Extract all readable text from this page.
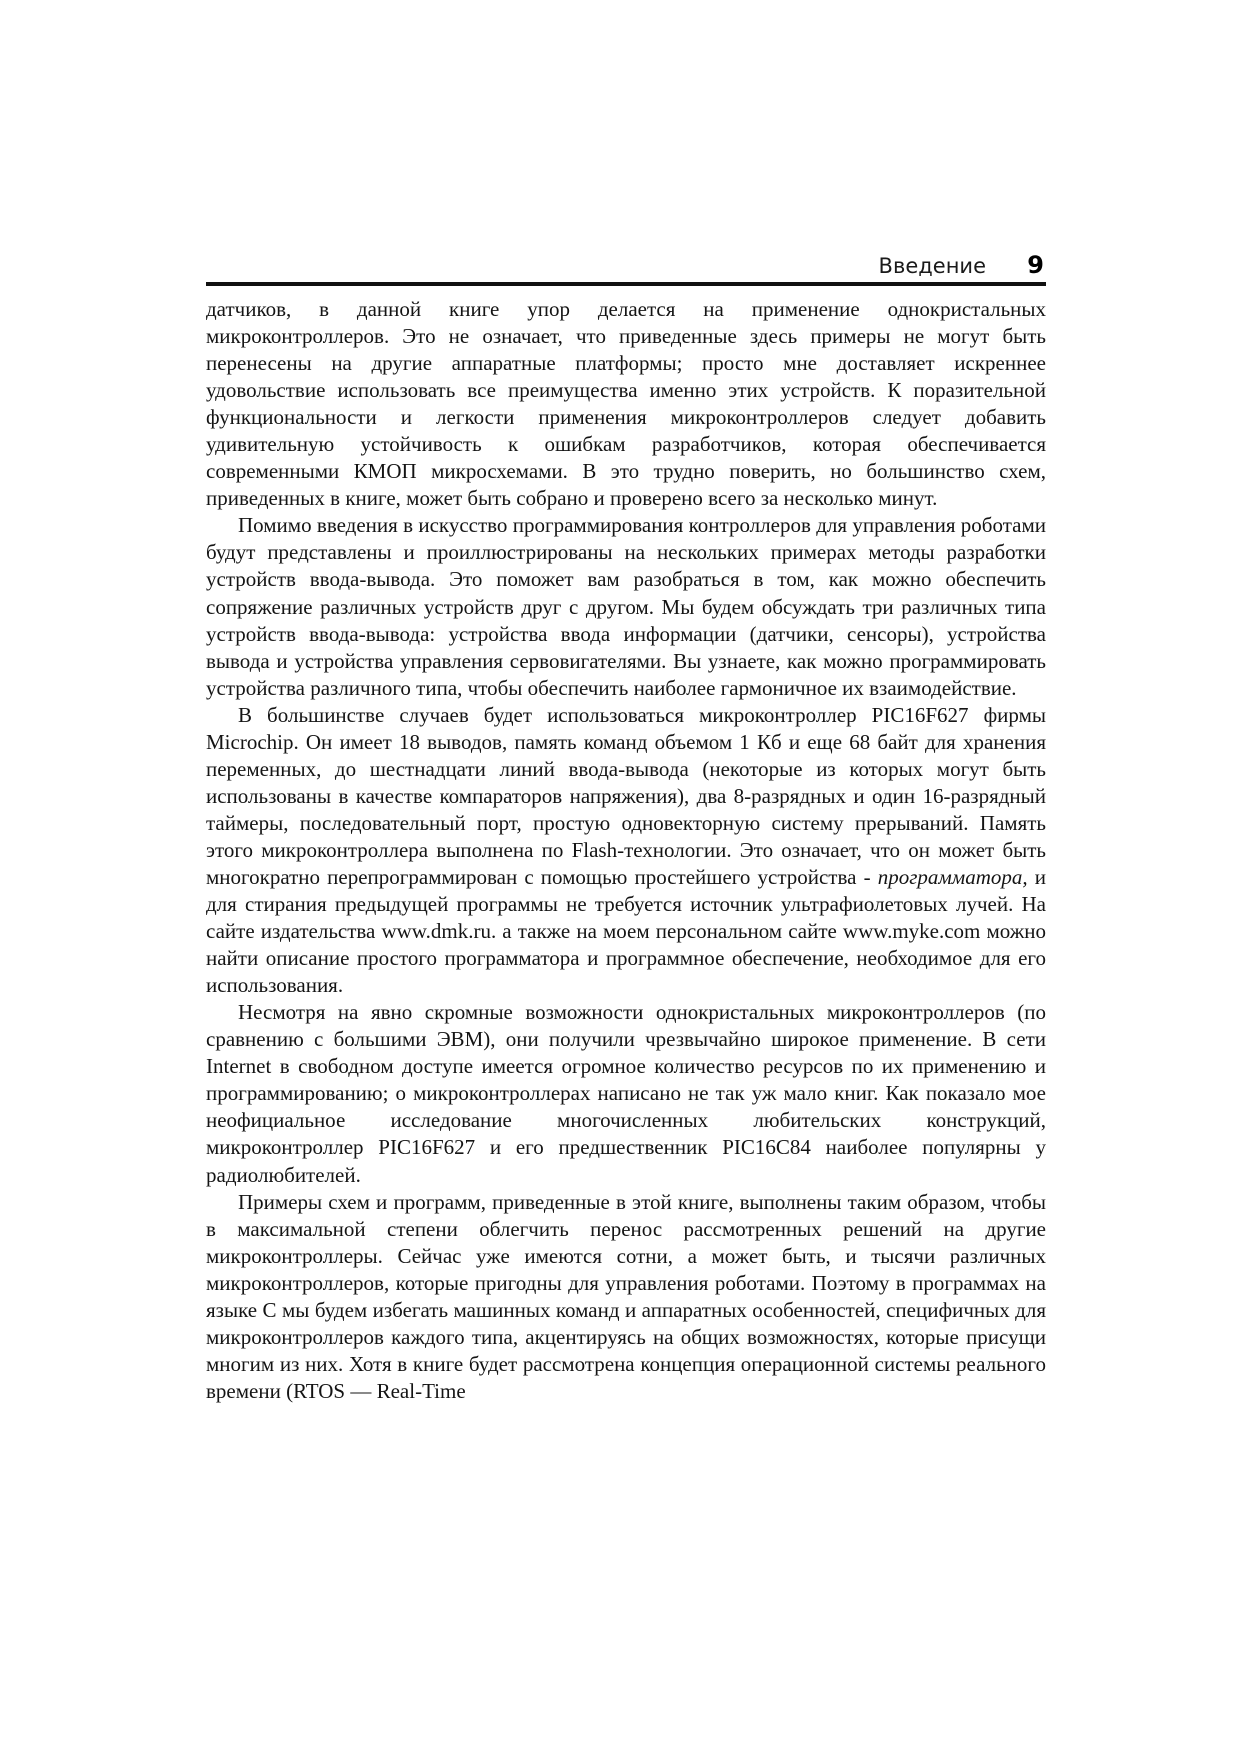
Введение 9

датчиков, в данной книге упор делается на применение однокристальных микроконтроллеров. Это не означает, что приведенные здесь примеры не могут быть перенесены на другие аппаратные платформы; просто мне доставляет искреннее удовольствие использовать все преимущества именно этих устройств. К поразительной функциональности и легкости применения микроконтроллеров следует добавить удивительную устойчивость к ошибкам разработчиков, которая обеспечивается современными КМОП микросхемами. В это трудно поверить, но большинство схем, приведенных в книге, может быть собрано и проверено всего за несколько минут.

Помимо введения в искусство программирования контроллеров для управления роботами будут представлены и проиллюстрированы на нескольких примерах методы разработки устройств ввода-вывода. Это поможет вам разобраться в том, как можно обеспечить сопряжение различных устройств друг с другом. Мы будем обсуждать три различных типа устройств ввода-вывода: устройства ввода информации (датчики, сенсоры), устройства вывода и устройства управления сервовигателями. Вы узнаете, как можно программировать устройства различного типа, чтобы обеспечить наиболее гармоничное их взаимодействие.

В большинстве случаев будет использоваться микроконтроллер PIC16F627 фирмы Microchip. Он имеет 18 выводов, память команд объемом 1 Кб и еще 68 байт для хранения переменных, до шестнадцати линий ввода-вывода (некоторые из которых могут быть использованы в качестве компараторов напряжения), два 8-разрядных и один 16-разрядный таймеры, последовательный порт, простую одновекторную систему прерываний. Память этого микроконтроллера выполнена по Flash-технологии. Это означает, что он может быть многократно перепрограммирован с помощью простейшего устройства - программатора, и для стирания предыдущей программы не требуется источник ультрафиолетовых лучей. На сайте издательства www.dmk.ru. а также на моем персональном сайте www.myke.com можно найти описание простого программатора и программное обеспечение, необходимое для его использования.

Несмотря на явно скромные возможности однокристальных микроконтроллеров (по сравнению с большими ЭВМ), они получили чрезвычайно широкое применение. В сети Internet в свободном доступе имеется огромное количество ресурсов по их применению и программированию; о микроконтроллерах написано не так уж мало книг. Как показало мое неофициальное исследование многочисленных любительских конструкций, микроконтроллер PIC16F627 и его предшественник PIC16C84 наиболее популярны у радиолюбителей.

Примеры схем и программ, приведенные в этой книге, выполнены таким образом, чтобы в максимальной степени облегчить перенос рассмотренных решений на другие микроконтроллеры. Сейчас уже имеются сотни, а может быть, и тысячи различных микроконтроллеров, которые пригодны для управления роботами. Поэтому в программах на языке С мы будем избегать машинных команд и аппаратных особенностей, специфичных для микроконтроллеров каждого типа, акцентируясь на общих возможностях, которые присущи многим из них. Хотя в книге будет рассмотрена концепция операционной системы реального времени (RTOS — Real-Time
